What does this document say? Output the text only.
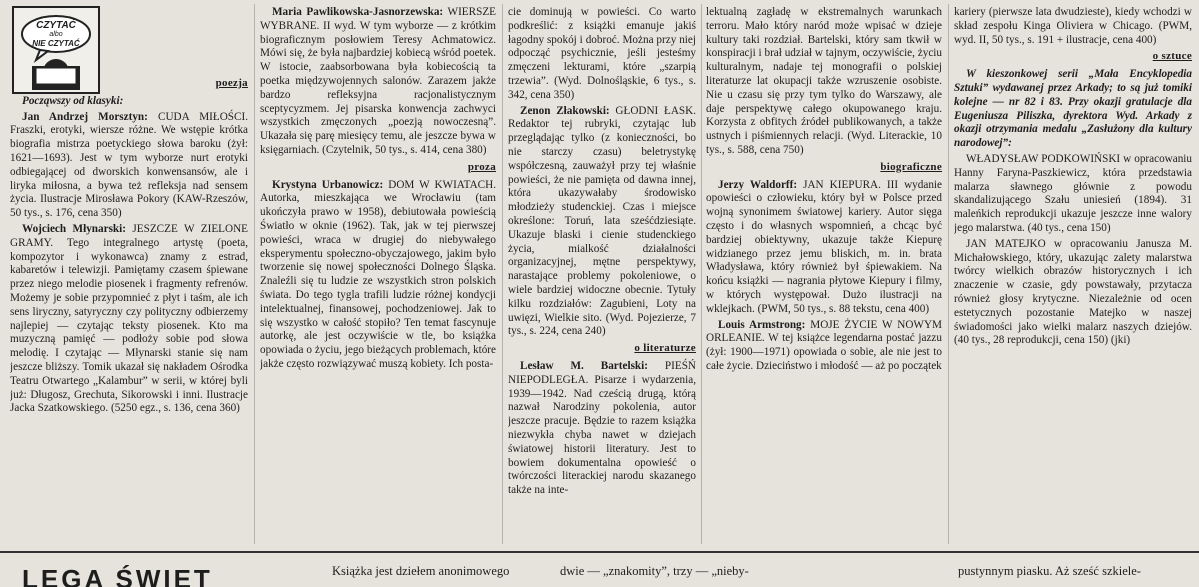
CZYTAĆ
albo
NIE CZYTAĆ
poezja

Począwszy od klasyki:

Jan Andrzej Morsztyn: CUDA MIŁOŚCI. Fraszki, erotyki, wiersze różne. We wstępie krótka biografia mistrza poetyckiego słowa baroku (żył: 1621—1693). Jest w tym wyborze nurt erotyki odbiegającej od dworskich konwensansów, ale i liryka miłosna, a bywa też refleksja nad sensem życia. Ilustracje Mirosława Pokory (KAW-Rzeszów, 50 tys., s. 176, cena 350)

Wojciech Młynarski: JESZCZE W ZIELONE GRAMY. Tego integralnego artystę (poeta, kompozytor i wykonawca) znamy z estrad, kabaretów i telewizji. Pamiętamy czasem śpiewane przez niego melodie piosenek i fragmenty refrenów. Możemy je sobie przypomnieć z płyt i taśm, ale ich sens liryczny, satyryczny czy polityczny odbierzemy najlepiej — czytając teksty piosenek. Kto ma muzyczną pamięć — podłoży sobie pod słowa melodię. I czytając — Młynarski stanie się nam jeszcze bliższy. Tomik ukazał się nakładem Ośrodka Teatru Otwartego „Kalambur” w serii, w której byli już: Długosz, Grechuta, Sikorowski i inni. Ilustracje Jacka Szatkowskiego. (5250 egz., s. 136, cena 360)

Maria Pawlikowska-Jasnorzewska: WIERSZE WYBRANE. II wyd. W tym wyborze — z krótkim biograficznym posłowiem Teresy Achmatowicz. Mówi się, że była najbardziej kobiecą wśród poetek. W istocie, zaabsorbowana była kobiecością ta poetka międzywojennych salonów. Zarazem jakże bardzo refleksyjna racjonalistycznym sceptycyzmem. Jej pisarska konwencja zachwyci wszystkich zmęczonych „poezją nowoczesną”. Ukazała się parę miesięcy temu, ale jeszcze bywa w księgarniach. (Czytelnik, 50 tys., s. 414, cena 380)

proza

Krystyna Urbanowicz: DOM W KWIATACH. Autorka, mieszkająca we Wrocławiu (tam ukończyła prawo w 1958), debiutowała powieścią Światło w oknie (1962). Tak, jak w tej pierwszej powieści, wraca w drugiej do niebywałego eksperymentu społeczno-obyczajowego, jakim było tworzenie się nowej społeczności Dolnego Śląska. Znaleźli się tu ludzie ze wszystkich stron polskich świata. Do tego tygla trafili ludzie różnej kondycji intelektualnej, finansowej, pochodzeniowej. Jak to się wszystko w całość stopiło? Ten temat fascynuje autorkę, ale jest oczywiście w tle, bo książka opowiada o życiu, jego bieżących problemach, które jakże często rozwiązywać muszą kobiety. Ich posta-

cie dominują w powieści. Co warto podkreślić: z książki emanuje jakiś łagodny spokój i dobroć. Można przy niej odpocząć psychicznie, jeśli jesteśmy zmęczeni lekturami, które „szarpią trzewia”. (Wyd. Dolnośląskie, 6 tys., s. 342, cena 350)

Zenon Złakowski: GŁODNI ŁASK. Redaktor tej rubryki, czytając lub przeglądając tylko (z konieczności, bo nie starczy czasu) beletrystykę współczesną, zauważył przy tej właśnie powieści, że nie pamięta od dawna innej, która ukazywałaby środowisko młodzieży studenckiej. Czas i miejsce określone: Toruń, lata sześćdziesiąte. Ukazuje blaski i cienie studenckiego życia, mialkość działalności organizacyjnej, mętne perspektywy, narastające problemy pokoleniowe, o wiele bardziej widoczne obecnie. Tytuły kilku rozdziałów: Zagubieni, Loty na uwięzi, Wielkie sito. (Wyd. Pojezierze, 7 tys., s. 224, cena 240)

o literaturze

Lesław M. Bartelski: PIEŚŃ NIEPODLEGŁA. Pisarze i wydarzenia, 1939—1942. Nad cześcią drugą, którą nazwał Narodziny pokolenia, autor jeszcze pracuje. Będzie to razem książka niezwykła chyba nawet w dziejach światowej historii literatury. Jest to bowiem dokumentalna opowieść o twórczości literackiej narodu skazanego także na inte-

lektualną zagładę w ekstremalnych warunkach terroru. Mało który naród może wpisać w dzieje kultury taki rozdział. Bartelski, który sam tkwił w konspiracji i brał udział w tajnym, oczywiście, życiu kulturalnym, nadaje tej monografii o polskiej literaturze lat okupacji także wzruszenie osobiste. Nie u czasu się przy tym tylko do Warszawy, ale daje perspektywę całego okupowanego kraju. Korzysta z obfitych źródeł publikowanych, a także ustnych i piśmiennych relacji. (Wyd. Literackie, 10 tys., s. 588, cena 750)

biograficzne

Jerzy Waldorff: JAN KIEPURA. III wydanie opowieści o człowieku, który był w Polsce przed wojną synonimem światowej kariery. Autor sięga często i do własnych wspomnień, a chcąc być bardziej obiektywny, ukazuje także Kiepurę widzianego przez jemu bliskich, m. in. brata Władysława, który również był śpiewakiem. Na końcu książki — nagrania płytowe Kiepury i filmy, w których występował. Dużo ilustracji na wklejkach. (PWM, 50 tys., s. 88 tekstu, cena 400)

Louis Armstrong: MOJE ŻYCIE W NOWYM ORLEANIE. W tej książce legendarna postać jazzu (żył: 1900—1971) opowiada o sobie, ale nie jest to całe życie. Dzieciństwo i młodość — aż po początek

kariery (pierwsze lata dwudzieste), kiedy wchodzi w skład zespołu Kinga Oliviera w Chicago. (PWM, wyd. II, 50 tys., s. 191 + ilustracje, cena 400)

o sztuce

W kieszonkowej serii „Mała Encyklopedia Sztuki” wydawanej przez Arkady; to są już tomiki kolejne — nr 82 i 83. Przy okazji gratulacje dla Eugeniusza Piliszka, dyrektora Wyd. Arkady z okazji otrzymania medalu „Zasłużony dla kultury narodowej”:

WŁADYSŁAW PODKOWIŃSKI w opracowaniu Hanny Faryna-Paszkiewicz, która przedstawia malarza sławnego głównie z powodu skandalizującego Szału uniesień (1894). 31 maleńkich reprodukcji ukazuje jeszcze inne walory jego malarstwa. (40 tys., cena 150)

JAN MATEJKO w opracowaniu Janusza M. Michałowskiego, który, ukazując zalety malarstwa twórcy wielkich obrazów historycznych i ich znaczenie w czasie, gdy powstawały, przytacza również głosy krytyczne. Niezależnie od ocen estetycznych pozostanie Matejko w naszej świadomości jako wielki malarz naszych dziejów. (40 tys., 28 reprodukcji, cena 150) (jki)

LEGA ŚWIET	Książka jest dziełem anonimowego	dwie — „znakomity”, trzy — „nieby-	pustynnym piasku. Aż sześć szkiele-
